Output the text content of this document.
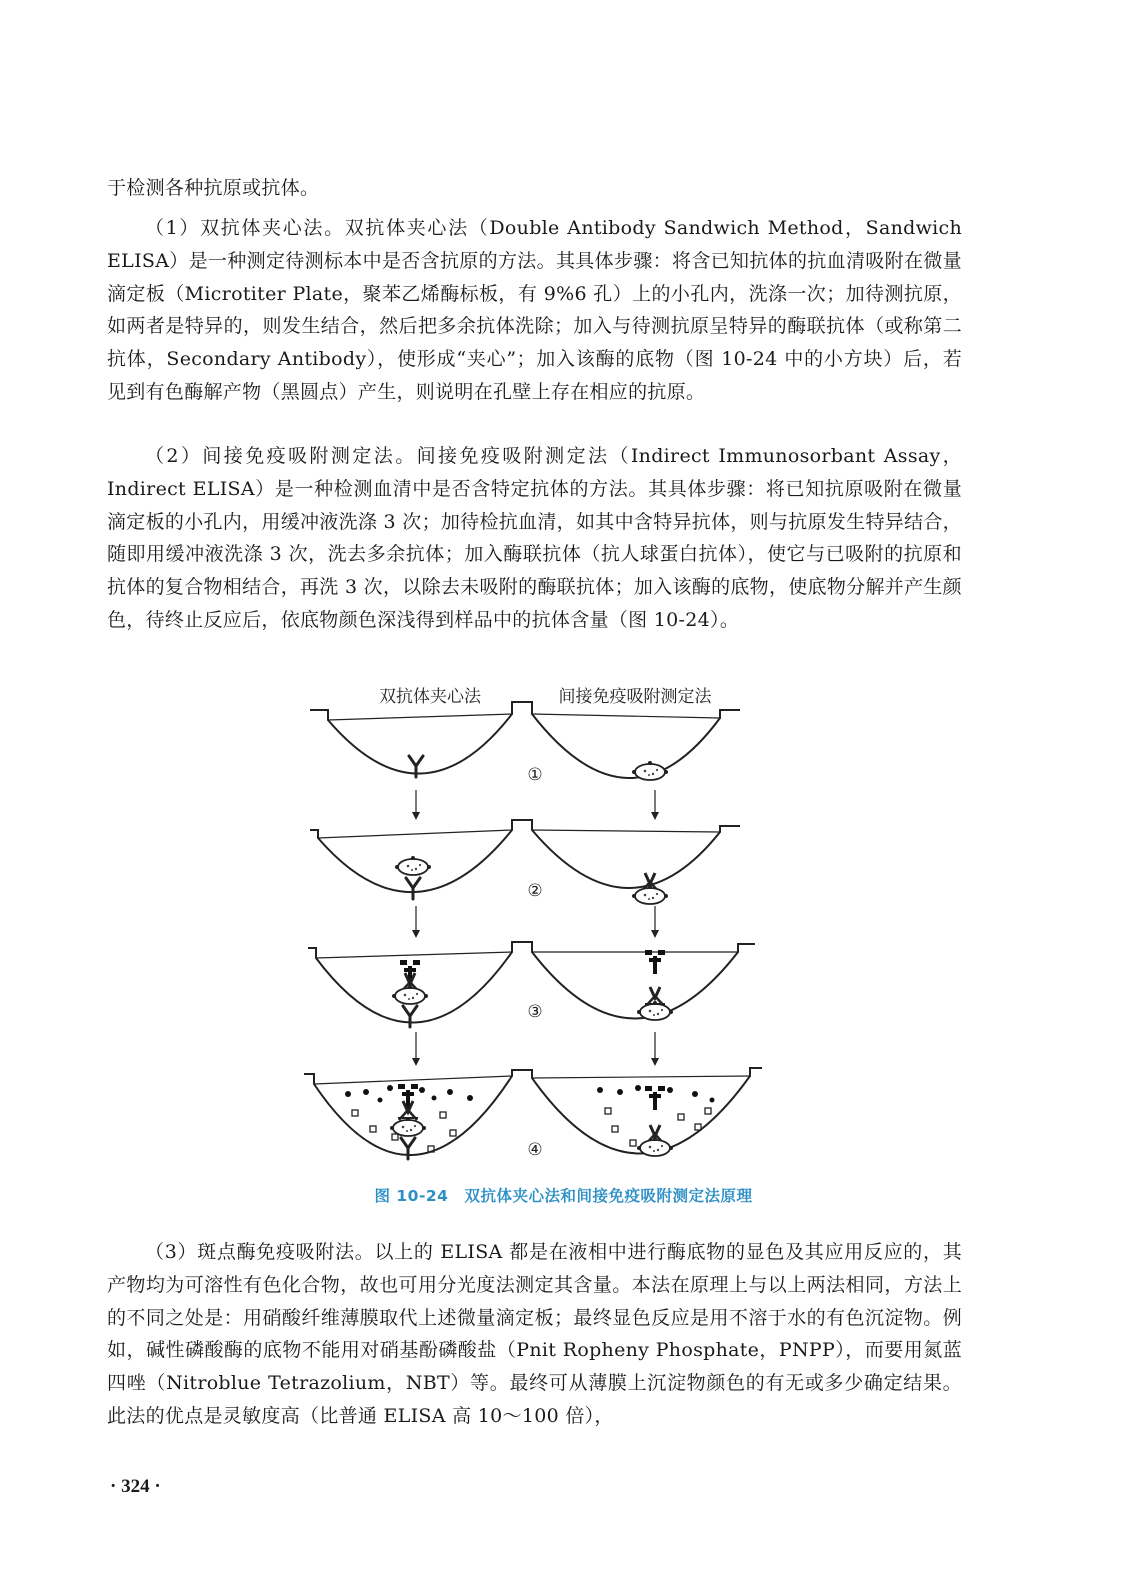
于检测各种抗原或抗体。
（1）双抗体夹心法。双抗体夹心法（Double Antibody Sandwich Method，Sandwich ELISA）是一种测定待测标本中是否含抗原的方法。其具体步骤：将含已知抗体的抗血清吸附在微量滴定板（Microtiter Plate，聚苯乙烯酶标板，有 9%6 孔）上的小孔内，洗涤一次；加待测抗原，如两者是特异的，则发生结合，然后把多余抗体洗除；加入与待测抗原呈特异的酶联抗体（或称第二抗体，Secondary Antibody），使形成“夹心”；加入该酶的底物（图 10-24 中的小方块）后，若见到有色酶解产物（黑圆点）产生，则说明在孔壁上存在相应的抗原。
（2）间接免疫吸附测定法。间接免疫吸附测定法（Indirect Immunosorbant Assay，Indirect ELISA）是一种检测血清中是否含特定抗体的方法。其具体步骤：将已知抗原吸附在微量滴定板的小孔内，用缓冲液洗涤 3 次；加待检抗血清，如其中含特异抗体，则与抗原发生特异结合，随即用缓冲液洗涤 3 次，洗去多余抗体；加入酶联抗体（抗人球蛋白抗体），使它与已吸附的抗原和抗体的复合物相结合，再洗 3 次，以除去未吸附的酶联抗体；加入该酶的底物，使底物分解并产生颜色，待终止反应后，依底物颜色深浅得到样品中的抗体含量（图 10-24）。
双抗体夹心法	间接免疫吸附测定法
①
②
③
④
图 10-24　双抗体夹心法和间接免疫吸附测定法原理
（3）斑点酶免疫吸附法。以上的 ELISA 都是在液相中进行酶底物的显色及其应用反应的，其产物均为可溶性有色化合物，故也可用分光度法测定其含量。本法在原理上与以上两法相同，方法上的不同之处是：用硝酸纤维薄膜取代上述微量滴定板；最终显色反应是用不溶于水的有色沉淀物。例如，碱性磷酸酶的底物不能用对硝基酚磷酸盐（Pnit Ropheny Phosphate，PNPP），而要用氮蓝四唑（Nitroblue Tetrazolium，NBT）等。最终可从薄膜上沉淀物颜色的有无或多少确定结果。此法的优点是灵敏度高（比普通 ELISA 高 10～100 倍），
· 324 ·
